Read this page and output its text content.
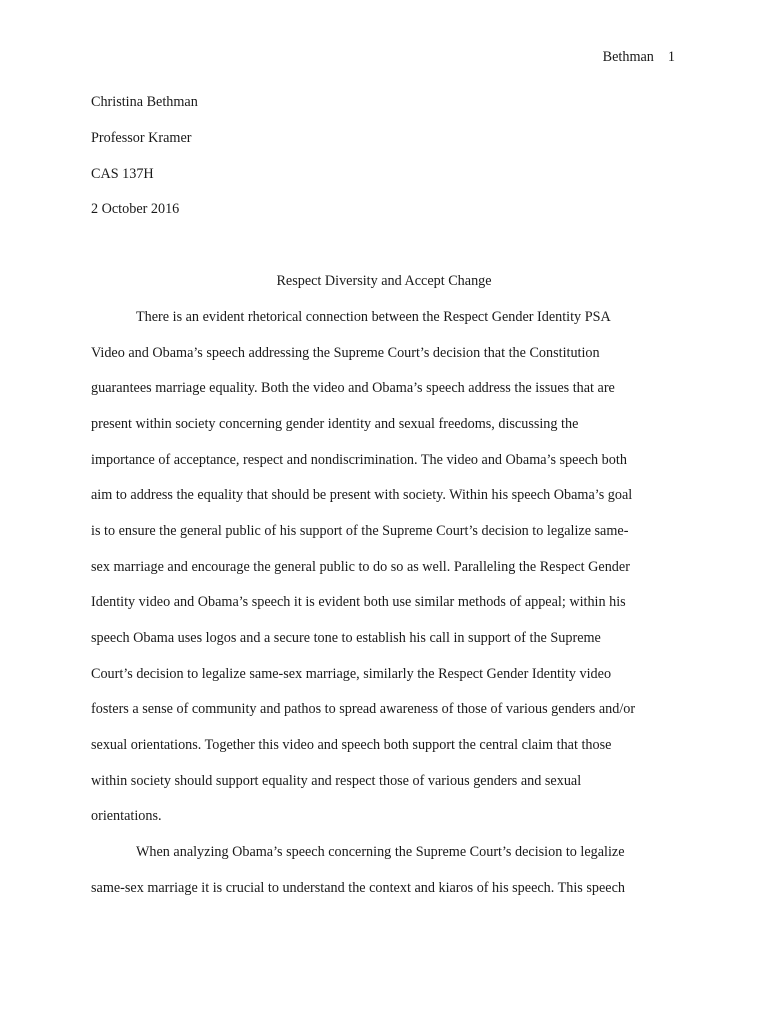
Bethman 1
Christina Bethman
Professor Kramer
CAS 137H
2 October 2016
Respect Diversity and Accept Change
There is an evident rhetorical connection between the Respect Gender Identity PSA
Video and Obama’s speech addressing the Supreme Court’s decision that the Constitution
guarantees marriage equality. Both the video and Obama’s speech address the issues that are
present within society concerning gender identity and sexual freedoms, discussing the
importance of acceptance, respect and nondiscrimination. The video and Obama’s speech both
aim to address the equality that should be present with society. Within his speech Obama’s goal
is to ensure the general public of his support of the Supreme Court’s decision to legalize same-
sex marriage and encourage the general public to do so as well. Paralleling the Respect Gender
Identity video and Obama’s speech it is evident both use similar methods of appeal; within his
speech Obama uses logos and a secure tone to establish his call in support of the Supreme
Court’s decision to legalize same-sex marriage, similarly the Respect Gender Identity video
fosters a sense of community and pathos to spread awareness of those of various genders and/or
sexual orientations. Together this video and speech both support the central claim that those
within society should support equality and respect those of various genders and sexual
orientations.
When analyzing Obama’s speech concerning the Supreme Court’s decision to legalize
same-sex marriage it is crucial to understand the context and kiaros of his speech. This speech
